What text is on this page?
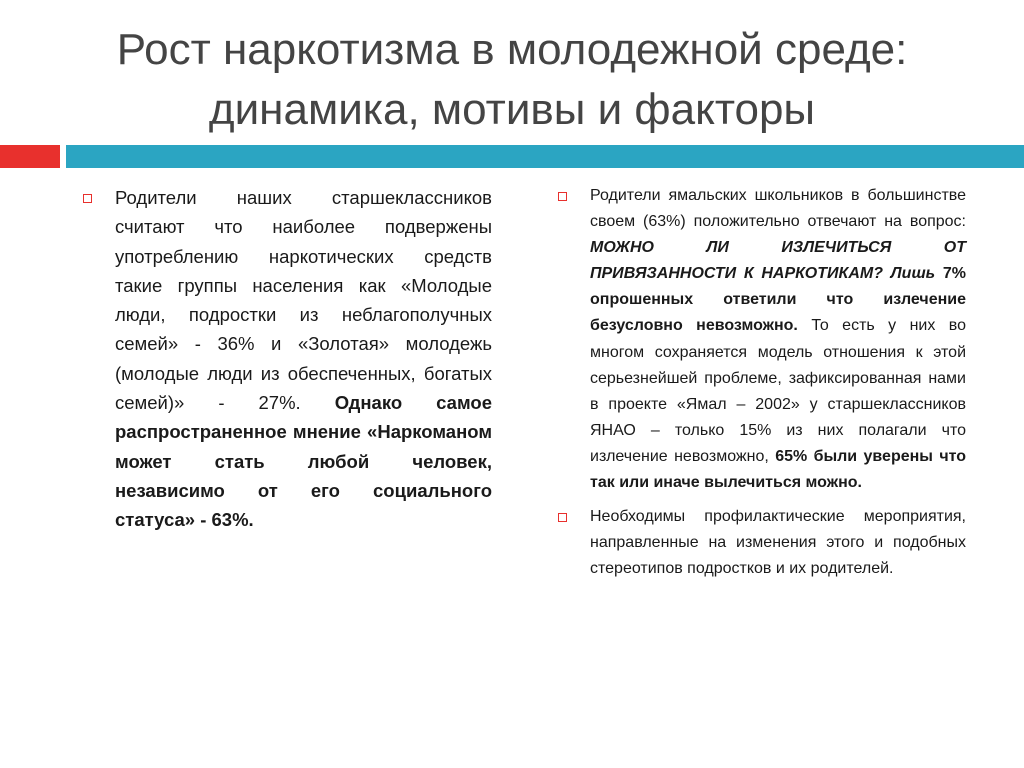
Рост наркотизма в молодежной среде: динамика, мотивы и факторы

Родители наших старшеклассников считают что наиболее подвержены употреблению наркотических средств такие группы населения как «Молодые люди, подростки из неблагополучных семей» - 36% и «Золотая» молодежь (молодые люди из обеспеченных, богатых семей)» - 27%. Однако самое распространенное мнение «Наркоманом может стать любой человек, независимо от его социального статуса» - 63%.

Родители ямальских школьников в большинстве своем (63%) положительно отвечают на вопрос: МОЖНО ЛИ ИЗЛЕЧИТЬСЯ ОТ ПРИВЯЗАННОСТИ К НАРКОТИКАМ? Лишь 7% опрошенных ответили что излечение безусловно невозможно. То есть у них во многом сохраняется модель отношения к этой серьезнейшей проблеме, зафиксированная нами в проекте «Ямал – 2002» у старшеклассников ЯНАО – только 15% из них полагали что излечение невозможно, 65% были уверены что так или иначе вылечиться можно.

Необходимы профилактические мероприятия, направленные на изменения этого и подобных стереотипов подростков и их родителей.
